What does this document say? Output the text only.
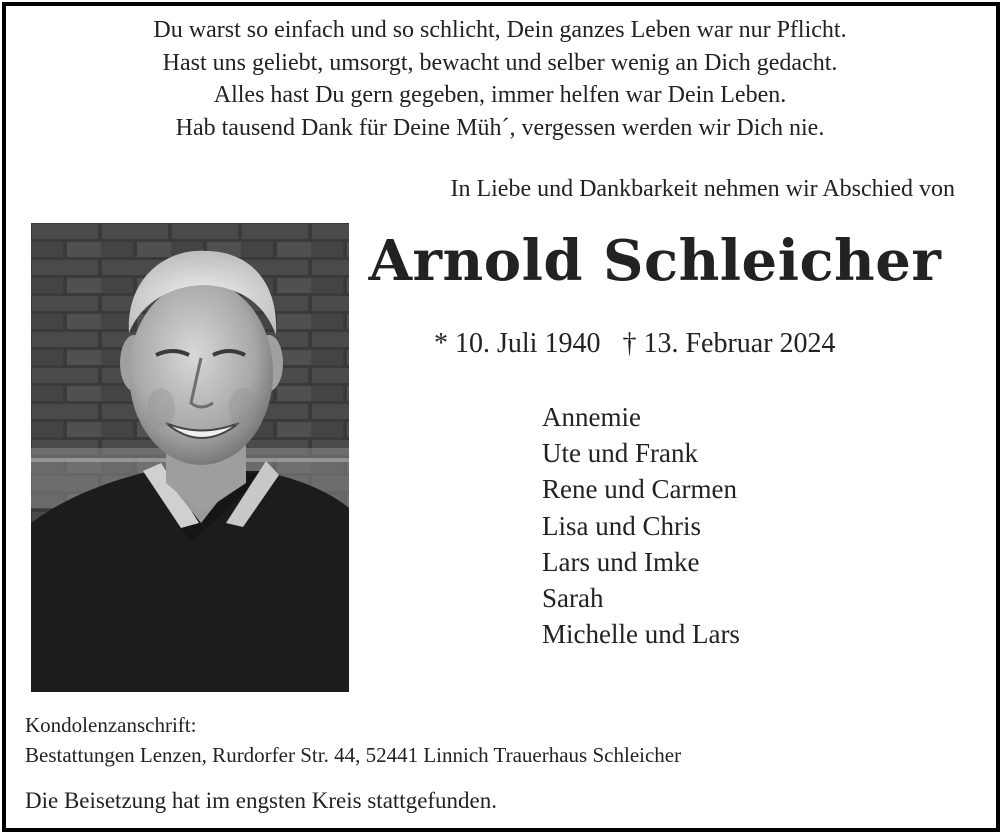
Du warst so einfach und so schlicht, Dein ganzes Leben war nur Pflicht.
Hast uns geliebt, umsorgt, bewacht und selber wenig an Dich gedacht.
Alles hast Du gern gegeben, immer helfen war Dein Leben.
Hab tausend Dank für Deine Müh´, vergessen werden wir Dich nie.
In Liebe und Dankbarkeit nehmen wir Abschied von
Arnold Schleicher
* 10. Juli 1940 † 13. Februar 2024
Annemie
Ute und Frank
Rene und Carmen
Lisa und Chris
Lars und Imke
Sarah
Michelle und Lars
Kondolenzanschrift:
Bestattungen Lenzen, Rurdorfer Str. 44, 52441 Linnich Trauerhaus Schleicher
Die Beisetzung hat im engsten Kreis stattgefunden.
